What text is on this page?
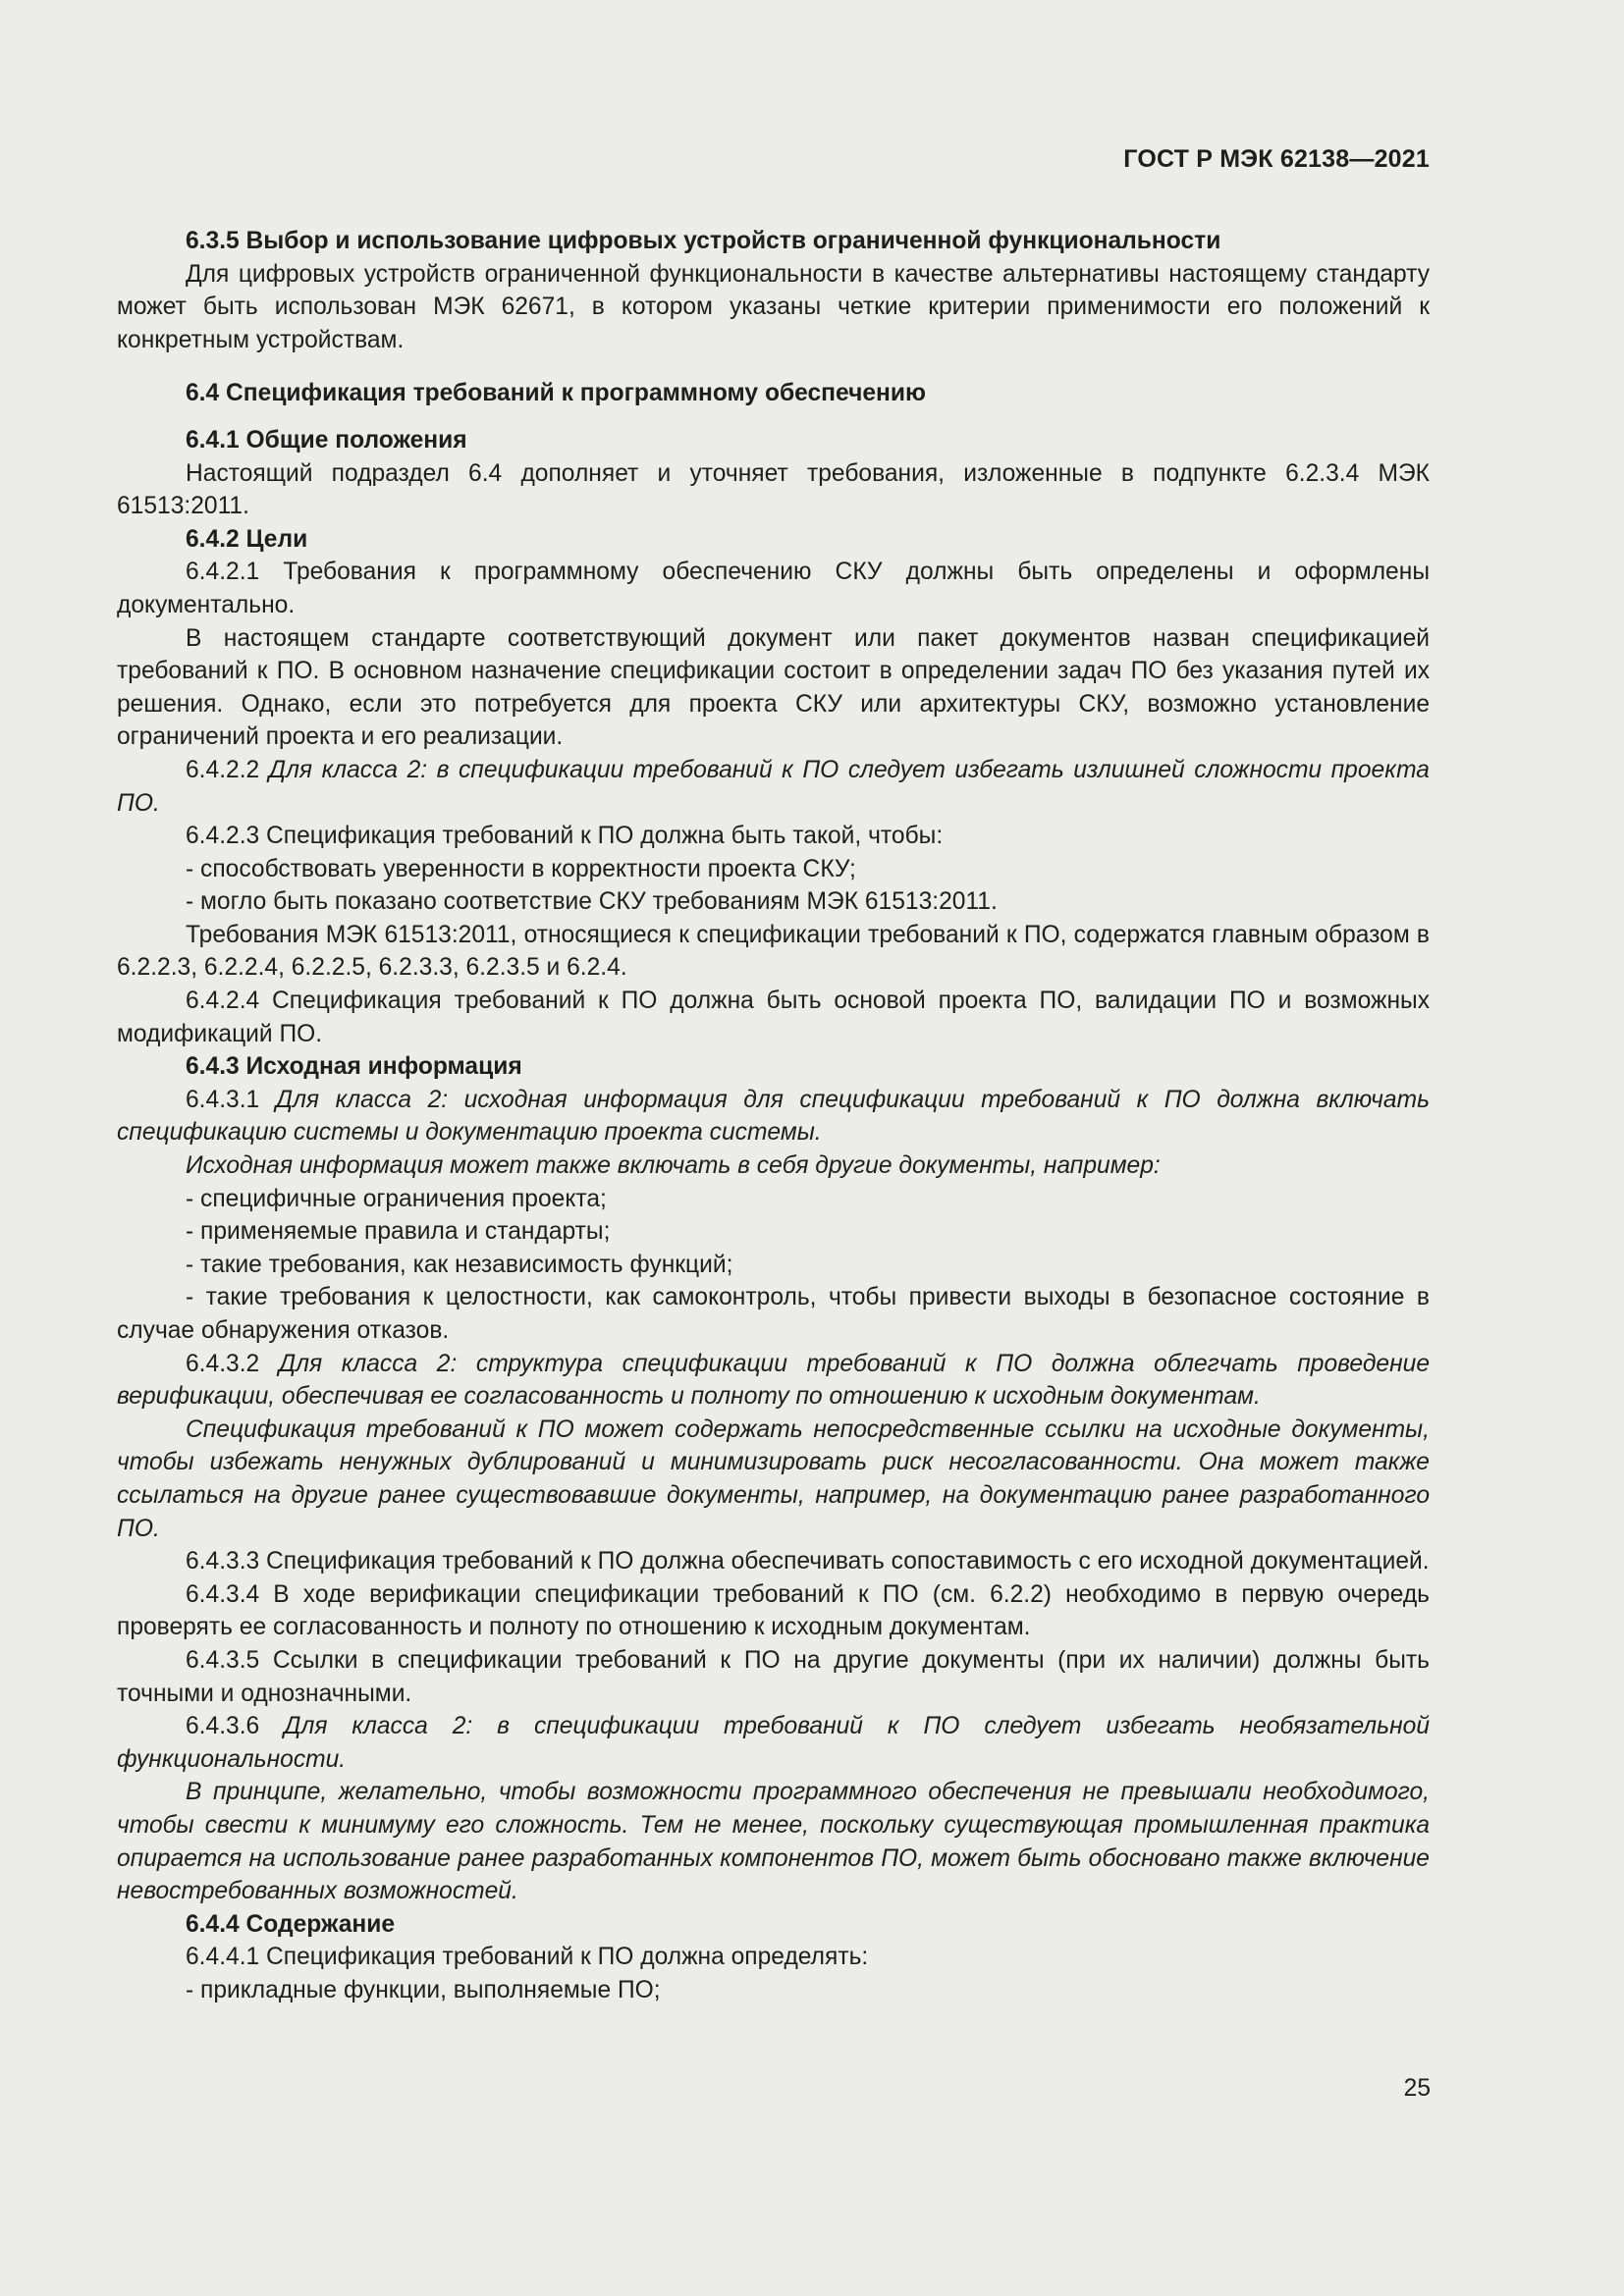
ГОСТ Р МЭК 62138—2021

6.3.5 Выбор и использование цифровых устройств ограниченной функциональности

Для цифровых устройств ограниченной функциональности в качестве альтернативы настоящему стандарту может быть использован МЭК 62671, в котором указаны четкие критерии применимости его положений к конкретным устройствам.

6.4 Спецификация требований к программному обеспечению

6.4.1 Общие положения

Настоящий подраздел 6.4 дополняет и уточняет требования, изложенные в подпункте 6.2.3.4 МЭК 61513:2011.

6.4.2 Цели

6.4.2.1 Требования к программному обеспечению СКУ должны быть определены и оформлены документально.

В настоящем стандарте соответствующий документ или пакет документов назван спецификацией требований к ПО. В основном назначение спецификации состоит в определении задач ПО без указания путей их решения. Однако, если это потребуется для проекта СКУ или архитектуры СКУ, возможно установление ограничений проекта и его реализации.

6.4.2.2 Для класса 2: в спецификации требований к ПО следует избегать излишней сложности проекта ПО.

6.4.2.3 Спецификация требований к ПО должна быть такой, чтобы:

- способствовать уверенности в корректности проекта СКУ;

- могло быть показано соответствие СКУ требованиям МЭК 61513:2011.

Требования МЭК 61513:2011, относящиеся к спецификации требований к ПО, содержатся главным образом в 6.2.2.3, 6.2.2.4, 6.2.2.5, 6.2.3.3, 6.2.3.5 и 6.2.4.

6.4.2.4 Спецификация требований к ПО должна быть основой проекта ПО, валидации ПО и возможных модификаций ПО.

6.4.3 Исходная информация

6.4.3.1 Для класса 2: исходная информация для спецификации требований к ПО должна включать спецификацию системы и документацию проекта системы.

Исходная информация может также включать в себя другие документы, например:

- специфичные ограничения проекта;

- применяемые правила и стандарты;

- такие требования, как независимость функций;

- такие требования к целостности, как самоконтроль, чтобы привести выходы в безопасное состояние в случае обнаружения отказов.

6.4.3.2 Для класса 2: структура спецификации требований к ПО должна облегчать проведение верификации, обеспечивая ее согласованность и полноту по отношению к исходным документам.

Спецификация требований к ПО может содержать непосредственные ссылки на исходные документы, чтобы избежать ненужных дублирований и минимизировать риск несогласованности. Она может также ссылаться на другие ранее существовавшие документы, например, на документацию ранее разработанного ПО.

6.4.3.3 Спецификация требований к ПО должна обеспечивать сопоставимость с его исходной документацией.

6.4.3.4 В ходе верификации спецификации требований к ПО (см. 6.2.2) необходимо в первую очередь проверять ее согласованность и полноту по отношению к исходным документам.

6.4.3.5 Ссылки в спецификации требований к ПО на другие документы (при их наличии) должны быть точными и однозначными.

6.4.3.6 Для класса 2: в спецификации требований к ПО следует избегать необязательной функциональности.

В принципе, желательно, чтобы возможности программного обеспечения не превышали необходимого, чтобы свести к минимуму его сложность. Тем не менее, поскольку существующая промышленная практика опирается на использование ранее разработанных компонентов ПО, может быть обосновано также включение невостребованных возможностей.

6.4.4 Содержание

6.4.4.1 Спецификация требований к ПО должна определять:

- прикладные функции, выполняемые ПО;

25
